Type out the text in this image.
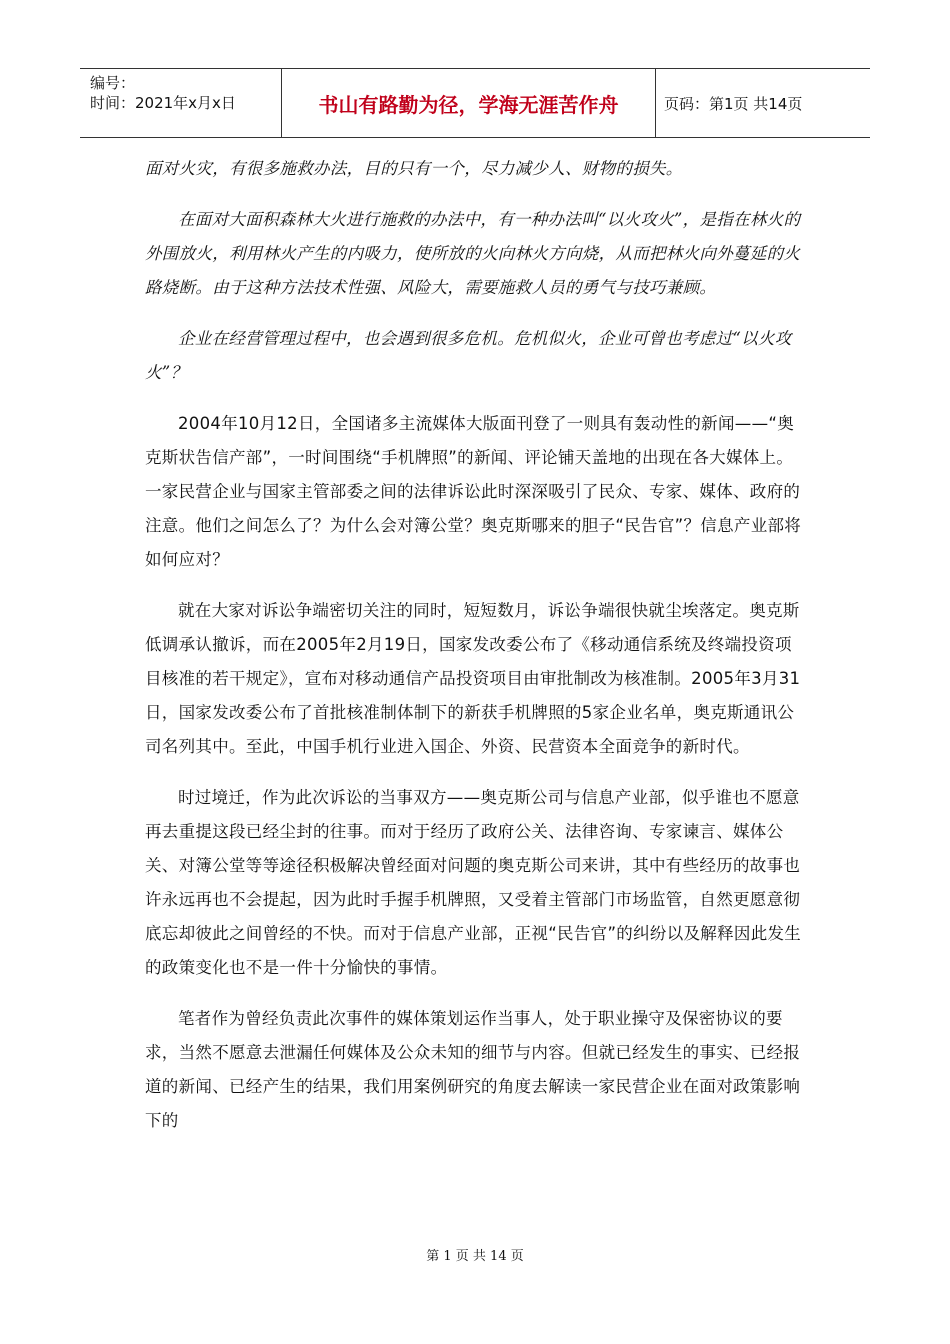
编号：
时间：2021年x月x日	书山有路勤为径，学海无涯苦作舟	页码：第1页 共14页

面对火灾，有很多施救办法，目的只有一个，尽力减少人、财物的损失。

在面对大面积森林大火进行施救的办法中，有一种办法叫“以火攻火”，是指在林火的外围放火，利用林火产生的内吸力，使所放的火向林火方向烧，从而把林火向外蔓延的火路烧断。由于这种方法技术性强、风险大，需要施救人员的勇气与技巧兼顾。

企业在经营管理过程中，也会遇到很多危机。危机似火，企业可曾也考虑过“以火攻火”？

2004年10月12日，全国诸多主流媒体大版面刊登了一则具有轰动性的新闻——“奥克斯状告信产部”，一时间围绕“手机牌照”的新闻、评论铺天盖地的出现在各大媒体上。一家民营企业与国家主管部委之间的法律诉讼此时深深吸引了民众、专家、媒体、政府的注意。他们之间怎么了？为什么会对簿公堂？奥克斯哪来的胆子“民告官”？信息产业部将如何应对？

就在大家对诉讼争端密切关注的同时，短短数月，诉讼争端很快就尘埃落定。奥克斯低调承认撤诉，而在2005年2月19日，国家发改委公布了《移动通信系统及终端投资项目核准的若干规定》，宣布对移动通信产品投资项目由审批制改为核准制。2005年3月31日，国家发改委公布了首批核准制体制下的新获手机牌照的5家企业名单，奥克斯通讯公司名列其中。至此，中国手机行业进入国企、外资、民营资本全面竞争的新时代。

时过境迁，作为此次诉讼的当事双方——奥克斯公司与信息产业部，似乎谁也不愿意再去重提这段已经尘封的往事。而对于经历了政府公关、法律咨询、专家谏言、媒体公关、对簿公堂等等途径积极解决曾经面对问题的奥克斯公司来讲，其中有些经历的故事也许永远再也不会提起，因为此时手握手机牌照，又受着主管部门市场监管，自然更愿意彻底忘却彼此之间曾经的不快。而对于信息产业部，正视“民告官”的纠纷以及解释因此发生的政策变化也不是一件十分愉快的事情。

笔者作为曾经负责此次事件的媒体策划运作当事人，处于职业操守及保密协议的要求，当然不愿意去泄漏任何媒体及公众未知的细节与内容。但就已经发生的事实、已经报道的新闻、已经产生的结果，我们用案例研究的角度去解读一家民营企业在面对政策影响下的

第 1 页 共 14 页
